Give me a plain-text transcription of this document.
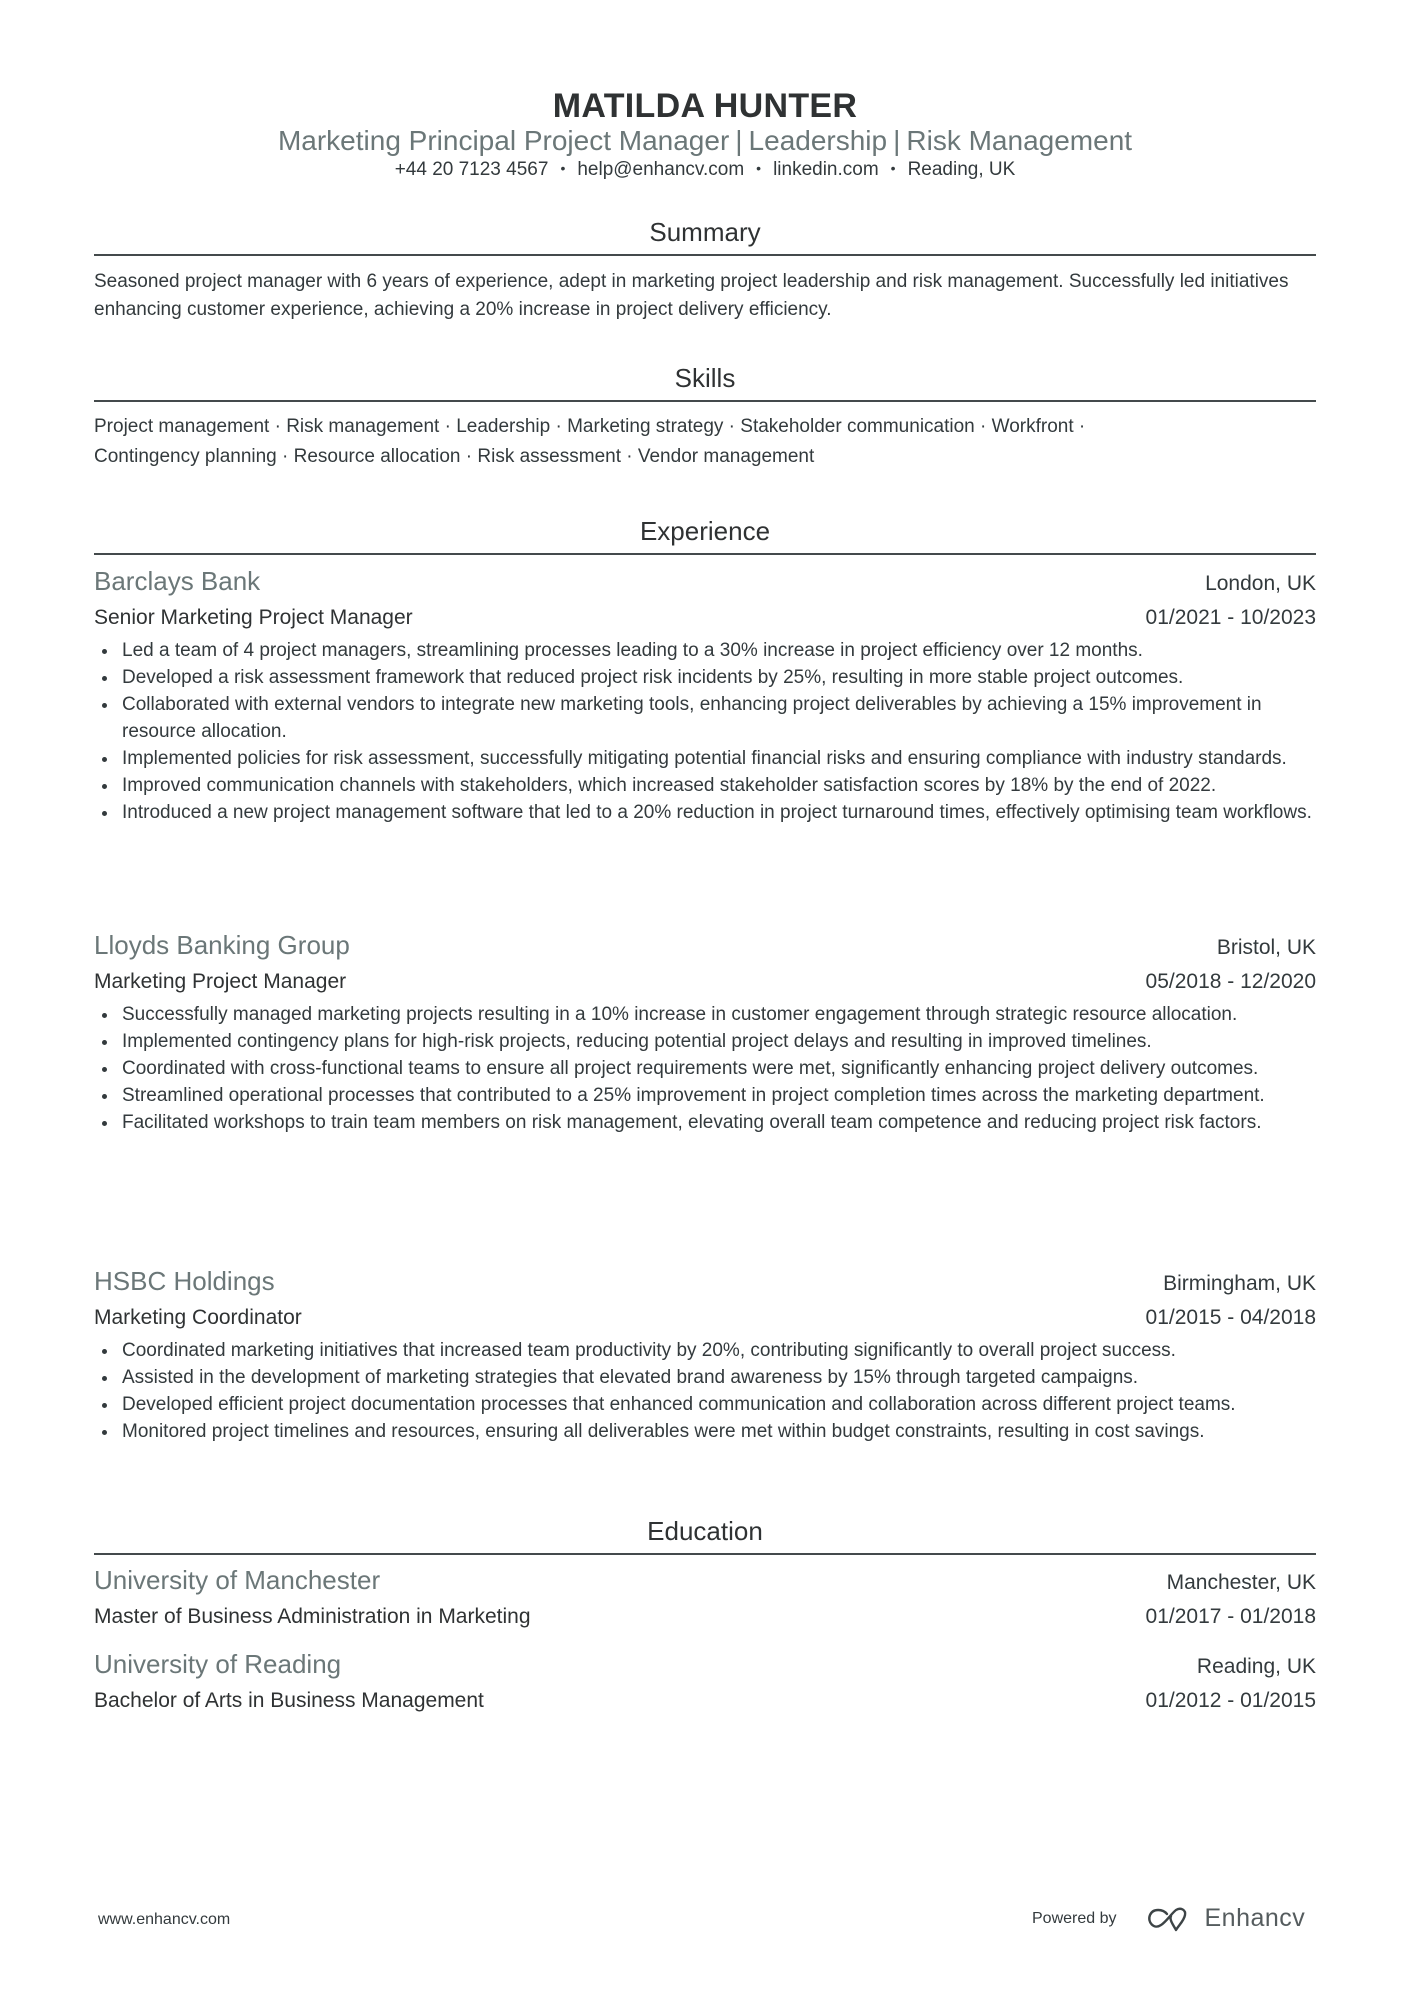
MATILDA HUNTER
Marketing Principal Project Manager | Leadership | Risk Management
+44 20 7123 4567 • help@enhancv.com • linkedin.com • Reading, UK
Summary
Seasoned project manager with 6 years of experience, adept in marketing project leadership and risk management. Successfully led initiatives enhancing customer experience, achieving a 20% increase in project delivery efficiency.
Skills
Project management · Risk management · Leadership · Marketing strategy · Stakeholder communication · Workfront ·
Contingency planning · Resource allocation · Risk assessment · Vendor management
Experience
Barclays Bank	London, UK
Senior Marketing Project Manager	01/2021 - 10/2023
Led a team of 4 project managers, streamlining processes leading to a 30% increase in project efficiency over 12 months.
Developed a risk assessment framework that reduced project risk incidents by 25%, resulting in more stable project outcomes.
Collaborated with external vendors to integrate new marketing tools, enhancing project deliverables by achieving a 15% improvement in resource allocation.
Implemented policies for risk assessment, successfully mitigating potential financial risks and ensuring compliance with industry standards.
Improved communication channels with stakeholders, which increased stakeholder satisfaction scores by 18% by the end of 2022.
Introduced a new project management software that led to a 20% reduction in project turnaround times, effectively optimising team workflows.
Lloyds Banking Group	Bristol, UK
Marketing Project Manager	05/2018 - 12/2020
Successfully managed marketing projects resulting in a 10% increase in customer engagement through strategic resource allocation.
Implemented contingency plans for high-risk projects, reducing potential project delays and resulting in improved timelines.
Coordinated with cross-functional teams to ensure all project requirements were met, significantly enhancing project delivery outcomes.
Streamlined operational processes that contributed to a 25% improvement in project completion times across the marketing department.
Facilitated workshops to train team members on risk management, elevating overall team competence and reducing project risk factors.
HSBC Holdings	Birmingham, UK
Marketing Coordinator	01/2015 - 04/2018
Coordinated marketing initiatives that increased team productivity by 20%, contributing significantly to overall project success.
Assisted in the development of marketing strategies that elevated brand awareness by 15% through targeted campaigns.
Developed efficient project documentation processes that enhanced communication and collaboration across different project teams.
Monitored project timelines and resources, ensuring all deliverables were met within budget constraints, resulting in cost savings.
Education
University of Manchester	Manchester, UK
Master of Business Administration in Marketing	01/2017 - 01/2018
University of Reading	Reading, UK
Bachelor of Arts in Business Management	01/2012 - 01/2015
www.enhancv.com	Powered by	Enhancv
